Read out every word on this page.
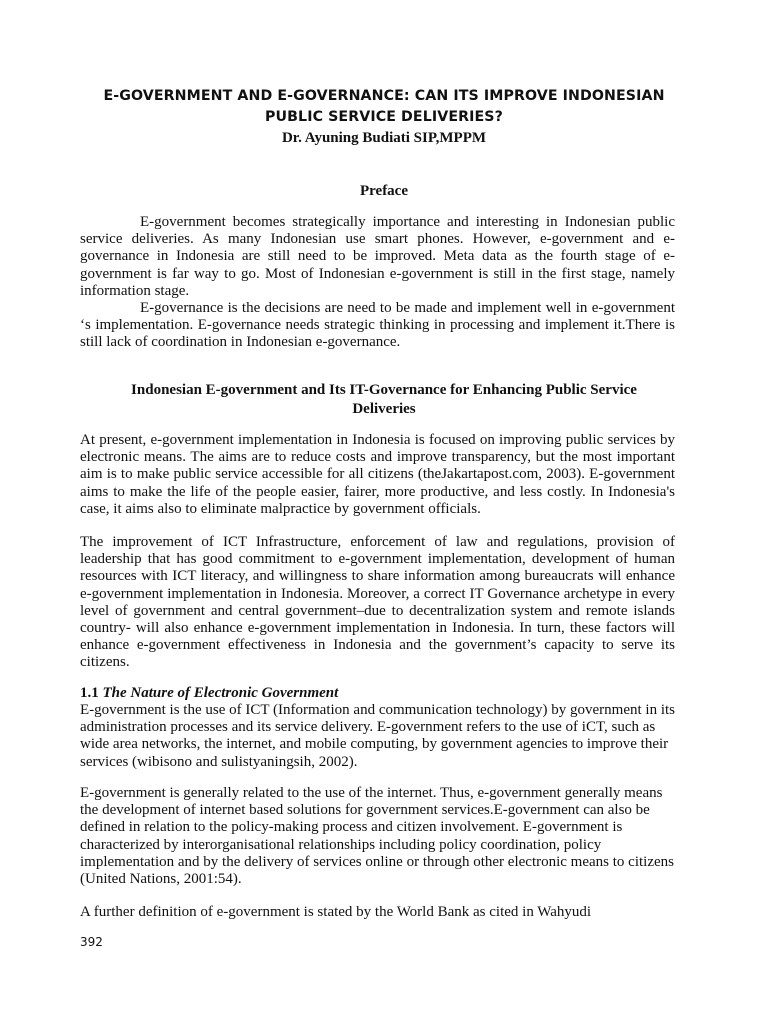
E-GOVERNMENT AND E-GOVERNANCE: CAN ITS IMPROVE INDONESIAN
PUBLIC SERVICE DELIVERIES?
Dr. Ayuning Budiati SIP,MPPM
Preface

E-government becomes strategically importance and interesting in Indonesian public service deliveries. As many Indonesian use smart phones. However, e-government and e-governance in Indonesia are still need to be improved. Meta data as the fourth stage of e-government is far way to go. Most of Indonesian e-government is still in the first stage, namely information stage.

E-governance is the decisions are need to be made and implement well in e-government ‘s implementation. E-governance needs strategic thinking in processing and implement it.There is still lack of coordination in Indonesian e-governance.

Indonesian E-government and Its IT-Governance for Enhancing Public Service
Deliveries

At present, e-government implementation in Indonesia is focused on improving public services by electronic means. The aims are to reduce costs and improve transparency, but the most important aim is to make public service accessible for all citizens (theJakartapost.com, 2003). E-government aims to make the life of the people easier, fairer, more productive, and less costly. In Indonesia's case, it aims also to eliminate malpractice by government officials.

The improvement of ICT Infrastructure, enforcement of law and regulations, provision of leadership that has good commitment to e-government implementation, development of human resources with ICT literacy, and willingness to share information among bureaucrats will enhance e-government implementation in Indonesia. Moreover, a correct IT Governance archetype in every level of government and central government–due to decentralization system and remote islands country- will also enhance e-government implementation in Indonesia. In turn, these factors will enhance e-government effectiveness in Indonesia and the government’s capacity to serve its citizens.

1.1 The Nature of Electronic Government

E-government is the use of ICT (Information and communication technology) by government in its administration processes and its service delivery. E-government refers to the use of iCT, such as wide area networks, the internet, and mobile computing, by government agencies to improve their services (wibisono and sulistyaningsih, 2002).

E-government is generally related to the use of the internet. Thus, e-government generally means the development of internet based solutions for government services.E-government can also be defined in relation to the policy-making process and citizen involvement. E-government is characterized by interorganisational relationships including policy coordination, policy implementation and by the delivery of services online or through other electronic means to citizens (United Nations, 2001:54).

A further definition of e-government is stated by the World Bank as cited in Wahyudi

392
